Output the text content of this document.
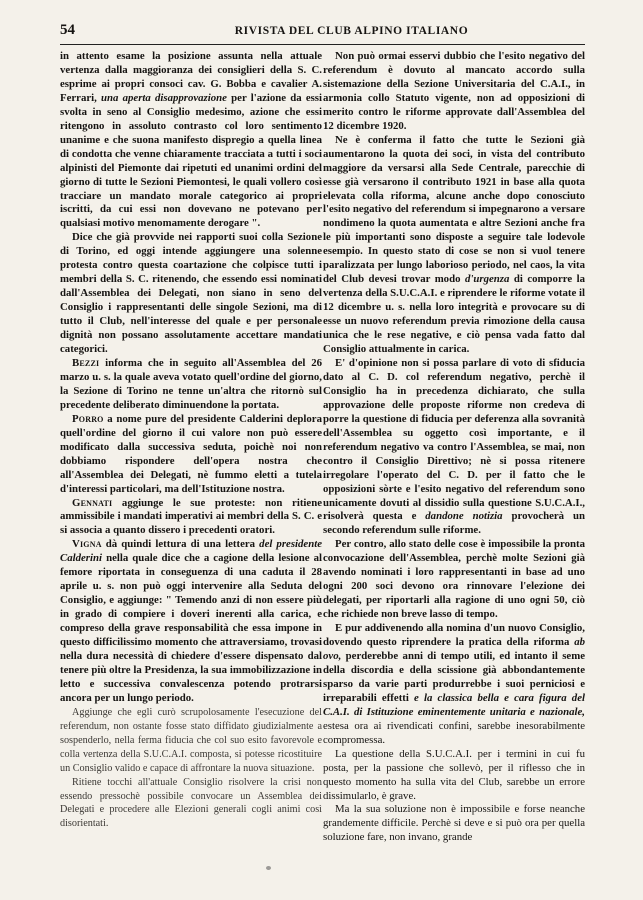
54	RIVISTA DEL CLUB ALPINO ITALIANO

in attento esame la posizione assunta nella attuale vertenza dalla maggioranza dei consiglieri della S. C. esprime ai propri consoci cav. G. Bobba e cavalier A. Ferrari, una aperta disapprovazione per l'azione da essi svolta in seno al Consiglio medesimo, azione che essi ritengono in assoluto contrasto col loro sentimento unanime e che suona manifesto dispregio a quella linea di condotta che venne chiaramente tracciata a tutti i soci alpinisti del Piemonte dai ripetuti ed unanimi ordini del giorno di tutte le Sezioni Piemontesi, le quali vollero così tracciare un mandato morale categorico ai propri iscritti, da cui essi non dovevano ne potevano per qualsiasi motivo menomamente derogare ".

Dice che già provvide nei rapporti suoi colla Sezione di Torino, ed oggi intende aggiungere una solenne protesta contro questa coartazione che colpisce tutti i membri della S. C. ritenendo, che essendo essi nominati dall'Assemblea dei Delegati, non siano in seno del Consiglio i rappresentanti delle singole Sezioni, ma di tutto il Club, nell'interesse del quale e per personale dignità non possano assolutamente accettare mandati categorici.

Bezzi informa che in seguito all'Assemblea del 26 marzo u. s. la quale aveva votato quell'ordine del giorno, la Sezione di Torino ne tenne un'altra che ritornò sul precedente deliberato diminuendone la portata.

Porro a nome pure del presidente Calderini deplora quell'ordine del giorno il cui valore non può essere modificato dalla successiva seduta, poichè noi non dobbiamo rispondere dell'opera nostra che all'Assemblea dei Delegati, nè fummo eletti a tutela d'interessi particolari, ma dell'Istituzione nostra.

Gennati aggiunge le sue proteste: non ritiene ammissibile i mandati imperativi ai membri della S. C. e si associa a quanto dissero i precedenti oratori.

Vigna dà quindi lettura di una lettera del presidente Calderini nella quale dice che a cagione della lesione al femore riportata in conseguenza di una caduta il 28 aprile u. s. non può oggi intervenire alla Seduta del Consiglio, e aggiunge: " Temendo anzi di non essere più in grado di compiere i doveri inerenti alla carica, e compreso della grave responsabilità che essa impone in questo difficilissimo momento che attraversiamo, trovasi nella dura necessità di chiedere d'essere dispensato dal tenere più oltre la Presidenza, la sua immobilizzazione in letto e successiva convalescenza potendo protrarsi ancora per un lungo periodo.

Aggiunge che egli curò scrupolosamente l'esecuzione del referendum, non ostante fosse stato diffidato giudizialmente a sospenderlo, nella ferma fiducia che col suo esito favorevole e colla vertenza della S.U.C.A.I. composta, si potesse ricostituire un Consiglio valido e capace di affrontare la nuova situazione.

Ritiene tocchi all'attuale Consiglio risolvere la crisi non essendo pressochè possibile convocare un Assemblea dei Delegati e procedere alle Elezioni generali cogli animi così disorientati.

Non può ormai esservi dubbio che l'esito negativo del referendum è dovuto al mancato accordo sulla sistemazione della Sezione Universitaria del C.A.I., in armonia collo Statuto vigente, non ad opposizioni di merito contro le riforme approvate dall'Assemblea del 12 dicembre 1920.

Ne è conferma il fatto che tutte le Sezioni già aumentarono la quota dei soci, in vista del contributo maggiore da versarsi alla Sede Centrale, parecchie di esse già versarono il contributo 1921 in base alla quota elevata colla riforma, alcune anche dopo conosciuto l'esito negativo del referendum si impegnarono a versare nondimeno la quota aumentata e altre Sezioni anche fra le più importanti sono disposte a seguire tale lodevole esempio. In questo stato di cose se non si vuol tenere paralizzata per lungo laborioso periodo, nel caos, la vita del Club devesi trovar modo d'urgenza di comporre la vertenza della S.U.C.A.I. e riprendere le riforme votate il 12 dicembre u. s. nella loro integrità e provocare su di esse un nuovo referendum previa rimozione della causa unica che le rese negative, e ciò pensa vada fatto dal Consiglio attualmente in carica.

E' d'opinione non si possa parlare di voto di sfiducia dato al C. D. col referendum negativo, perchè il Consiglio ha in precedenza dichiarato, che sulla approvazione delle proposte riforme non credeva di porre la questione di fiducia per deferenza alla sovranità dell'Assemblea su oggetto così importante, e il referendum negativo va contro l'Assemblea, se mai, non contro il Consiglio Direttivo; nè si possa ritenere irregolare l'operato del C. D. per il fatto che le opposizioni sòrte e l'esito negativo del referendum sono unicamente dovuti al dissidio sulla questione S.U.C.A.I., risolverà questa e dandone notizia provocherà un secondo referendum sulle riforme.

Per contro, allo stato delle cose è impossibile la pronta convocazione dell'Assemblea, perchè molte Sezioni già avendo nominati i loro rappresentanti in base ad uno ogni 200 soci devono ora rinnovare l'elezione dei delegati, per riportarli alla ragione di uno ogni 50, ciò che richiede non breve lasso di tempo.

E pur addivenendo alla nomina d'un nuovo Consiglio, dovendo questo riprendere la pratica della riforma ab ovo, perderebbe anni di tempo utili, ed intanto il seme della discordia e della scissione già abbondantemente sparso da varie parti produrrebbe i suoi perniciosi e irreparabili effetti e la classica bella e cara figura del C.A.I. di Istituzione eminentemente unitaria e nazionale, estesa ora ai rivendicati confini, sarebbe inesorabilmente compromessa.

La questione della S.U.C.A.I. per i termini in cui fu posta, per la passione che sollevò, per il riflesso che in questo momento ha sulla vita del Club, sarebbe un errore dissimularlo, è grave.

Ma la sua soluzione non è impossibile e forse neanche grandemente difficile. Perchè si deve e si può ora per quella soluzione fare, non invano, grande
